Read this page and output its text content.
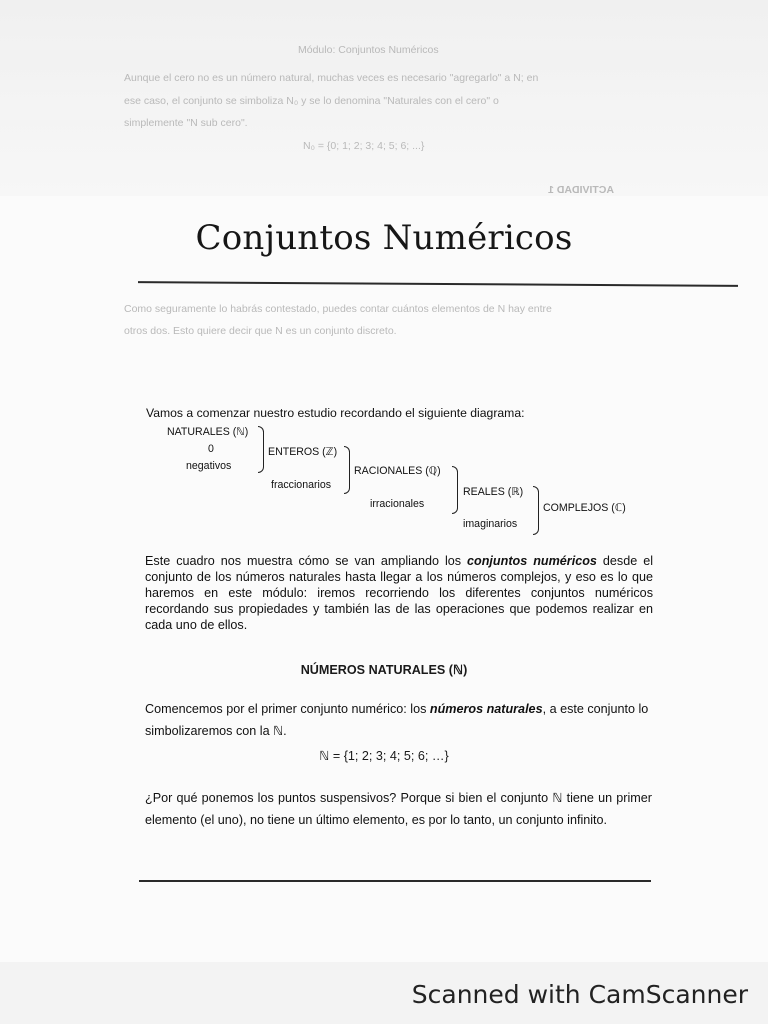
Módulo: Conjuntos Numéricos
Aunque el cero no es un número natural, muchas veces es necesario "agregarlo" a N; en
ese caso, el conjunto se simboliza N₀ y se lo denomina "Naturales con el cero" o
simplemente "N sub cero".
N₀ = {0; 1; 2; 3; 4; 5; 6; ...}
ACTIVIDAD 1
Como seguramente lo habrás contestado, puedes contar cuántos elementos de N hay entre
otros dos. Esto quiere decir que N es un conjunto discreto.
Conjuntos Numéricos
Vamos a comenzar nuestro estudio recordando el siguiente diagrama:
NATURALES (ℕ)
0
negativos
ENTEROS (ℤ)
fraccionarios
RACIONALES (ℚ)
irracionales
REALES (ℝ)
imaginarios
COMPLEJOS (ℂ)
Este cuadro nos muestra cómo se van ampliando los conjuntos numéricos desde el conjunto de los números naturales hasta llegar a los números complejos, y eso es lo que haremos en este módulo: iremos recorriendo los diferentes conjuntos numéricos recordando sus propiedades y también las de las operaciones que podemos realizar en cada uno de ellos.
NÚMEROS NATURALES (ℕ)
Comencemos por el primer conjunto numérico: los números naturales, a este conjunto lo simbolizaremos con la ℕ.
ℕ = {1; 2; 3; 4; 5; 6; …}
¿Por qué ponemos los puntos suspensivos? Porque si bien el conjunto ℕ tiene un primer elemento (el uno), no tiene un último elemento, es por lo tanto, un conjunto infinito.
Scanned with CamScanner
